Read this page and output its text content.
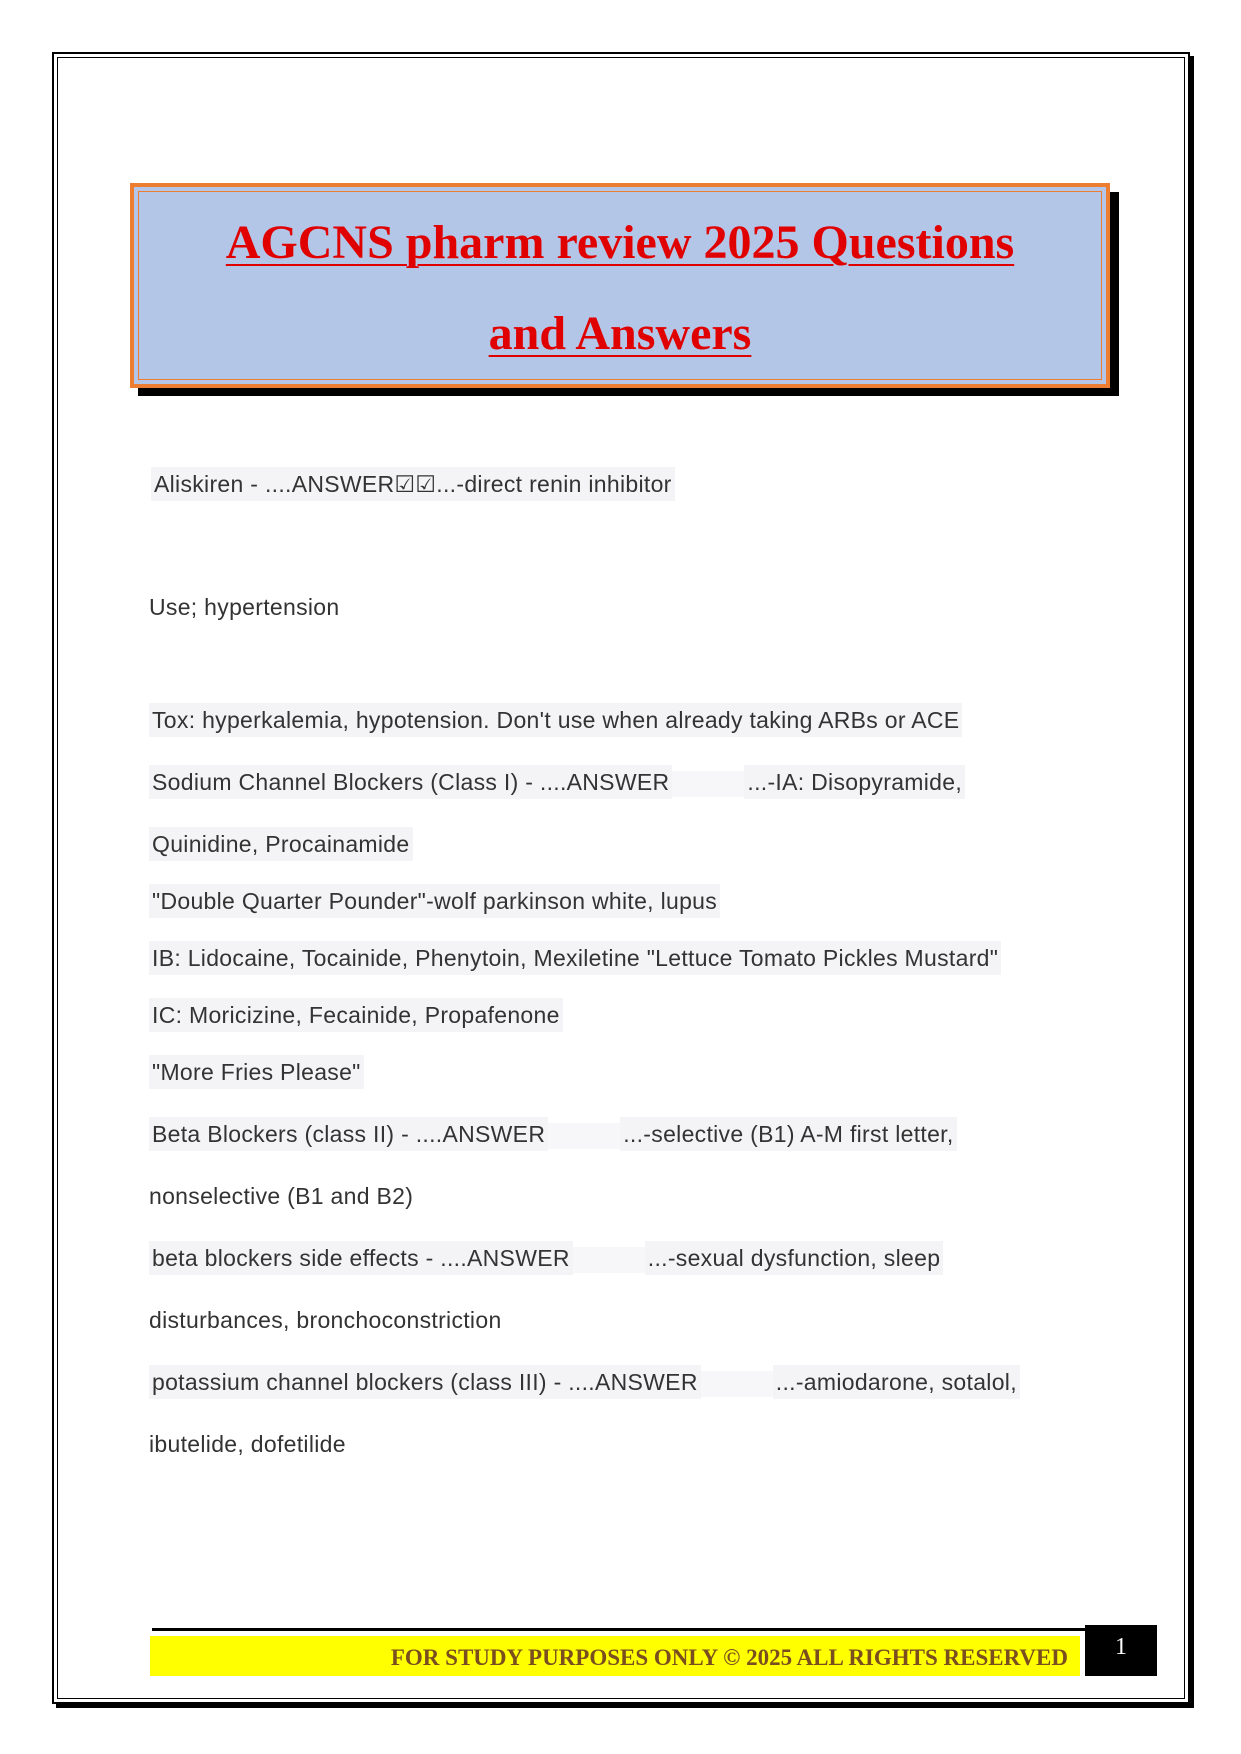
AGCNS pharm review 2025 Questions
and Answers
Aliskiren - ....ANSWER☑☑...-direct renin inhibitor
Use; hypertension
Tox: hyperkalemia, hypotension. Don't use when already taking ARBs or ACE
Sodium Channel Blockers (Class I) - ....ANSWER	...-IA: Disopyramide,
Quinidine, Procainamide
"Double Quarter Pounder"-wolf parkinson white, lupus
IB: Lidocaine, Tocainide, Phenytoin, Mexiletine "Lettuce Tomato Pickles Mustard"
IC: Moricizine, Fecainide, Propafenone
"More Fries Please"
Beta Blockers (class II) - ....ANSWER	...-selective (B1) A-M first letter,
nonselective (B1 and B2)
beta blockers side effects - ....ANSWER	...-sexual dysfunction, sleep
disturbances, bronchoconstriction
potassium channel blockers (class III) - ....ANSWER	...-amiodarone, sotalol,
ibutelide, dofetilide
FOR STUDY PURPOSES ONLY © 2025 ALL RIGHTS RESERVED	1
